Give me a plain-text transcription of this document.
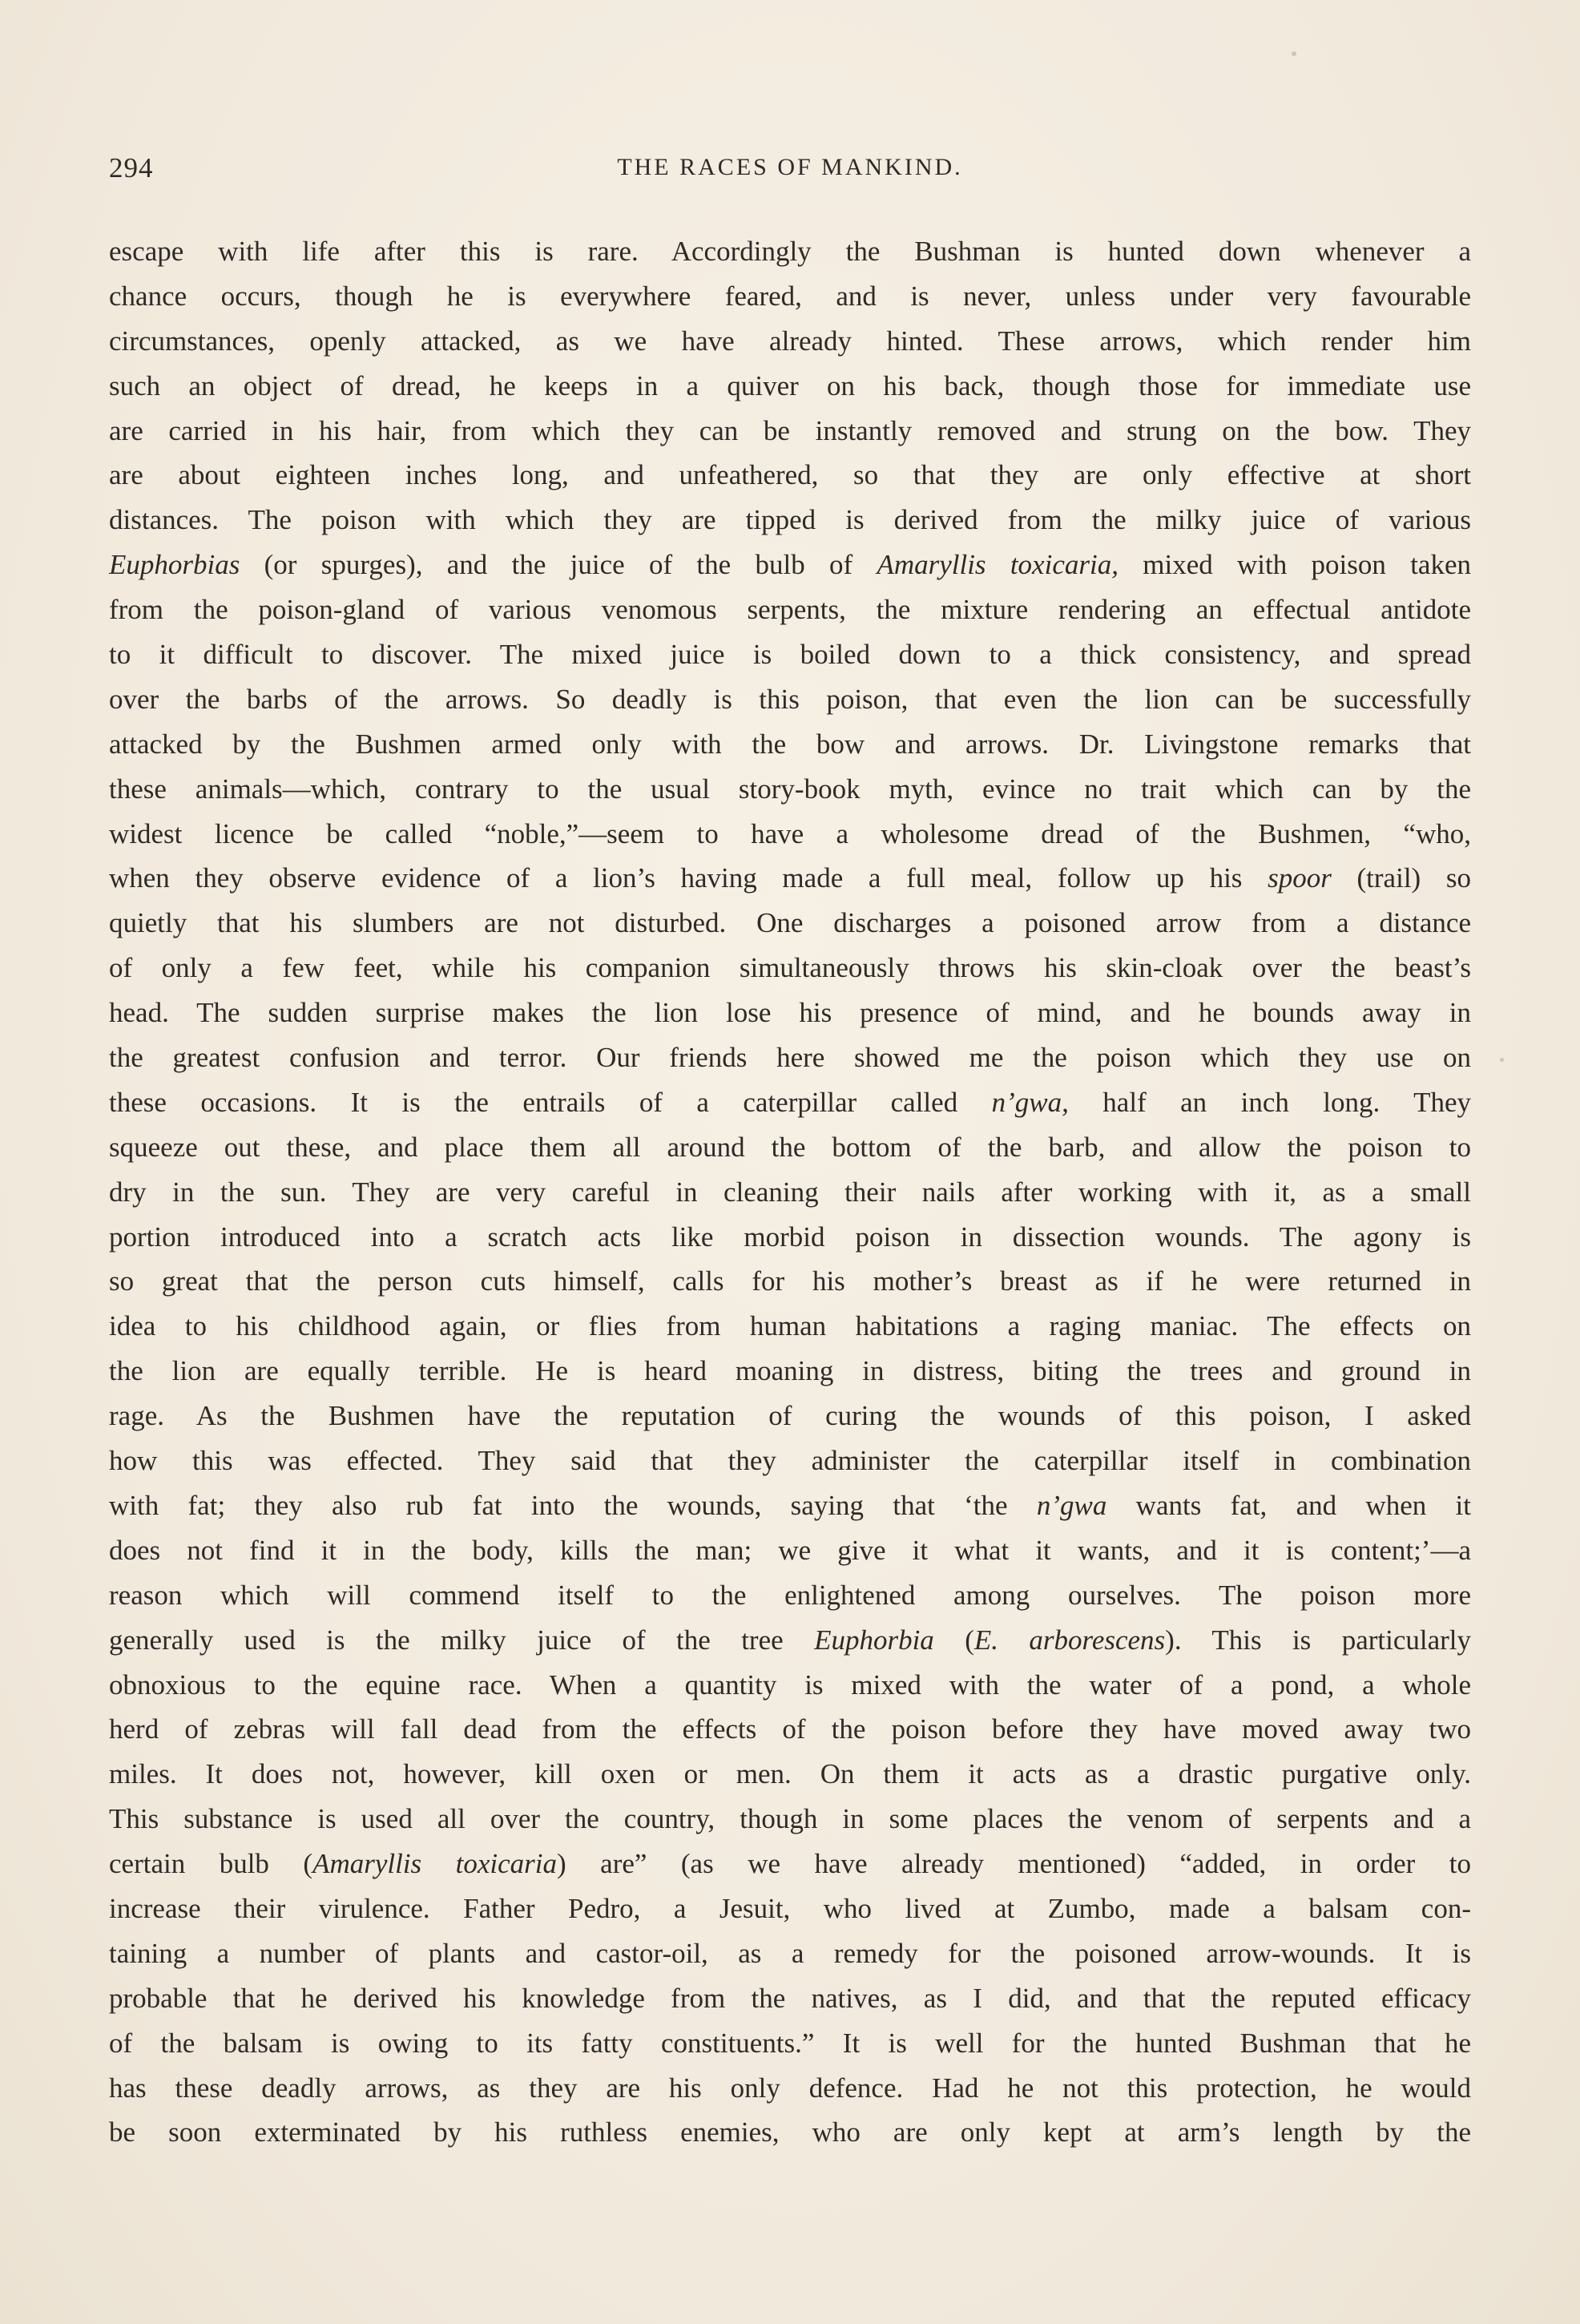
294	THE RACES OF MANKIND.
escape with life after this is rare. Accordingly the Bushman is hunted down whenever a
chance occurs, though he is everywhere feared, and is never, unless under very favourable
circumstances, openly attacked, as we have already hinted. These arrows, which render him
such an object of dread, he keeps in a quiver on his back, though those for immediate use
are carried in his hair, from which they can be instantly removed and strung on the bow. They
are about eighteen inches long, and unfeathered, so that they are only effective at short
distances. The poison with which they are tipped is derived from the milky juice of various
Euphorbias (or spurges), and the juice of the bulb of Amaryllis toxicaria, mixed with poison taken
from the poison-gland of various venomous serpents, the mixture rendering an effectual antidote
to it difficult to discover. The mixed juice is boiled down to a thick consistency, and spread
over the barbs of the arrows. So deadly is this poison, that even the lion can be successfully
attacked by the Bushmen armed only with the bow and arrows. Dr. Livingstone remarks that
these animals—which, contrary to the usual story-book myth, evince no trait which can by the
widest licence be called “noble,”—seem to have a wholesome dread of the Bushmen, “who,
when they observe evidence of a lion’s having made a full meal, follow up his spoor (trail) so
quietly that his slumbers are not disturbed. One discharges a poisoned arrow from a distance
of only a few feet, while his companion simultaneously throws his skin-cloak over the beast’s
head. The sudden surprise makes the lion lose his presence of mind, and he bounds away in
the greatest confusion and terror. Our friends here showed me the poison which they use on
these occasions. It is the entrails of a caterpillar called n’gwa, half an inch long. They
squeeze out these, and place them all around the bottom of the barb, and allow the poison to
dry in the sun. They are very careful in cleaning their nails after working with it, as a small
portion introduced into a scratch acts like morbid poison in dissection wounds. The agony is
so great that the person cuts himself, calls for his mother’s breast as if he were returned in
idea to his childhood again, or flies from human habitations a raging maniac. The effects on
the lion are equally terrible. He is heard moaning in distress, biting the trees and ground in
rage. As the Bushmen have the reputation of curing the wounds of this poison, I asked
how this was effected. They said that they administer the caterpillar itself in combination
with fat; they also rub fat into the wounds, saying that ‘the n’gwa wants fat, and when it
does not find it in the body, kills the man; we give it what it wants, and it is content;’—a
reason which will commend itself to the enlightened among ourselves. The poison more
generally used is the milky juice of the tree Euphorbia (E. arborescens). This is particularly
obnoxious to the equine race. When a quantity is mixed with the water of a pond, a whole
herd of zebras will fall dead from the effects of the poison before they have moved away two
miles. It does not, however, kill oxen or men. On them it acts as a drastic purgative only.
This substance is used all over the country, though in some places the venom of serpents and a
certain bulb (Amaryllis toxicaria) are” (as we have already mentioned) “added, in order to
increase their virulence. Father Pedro, a Jesuit, who lived at Zumbo, made a balsam con-
taining a number of plants and castor-oil, as a remedy for the poisoned arrow-wounds. It is
probable that he derived his knowledge from the natives, as I did, and that the reputed efficacy
of the balsam is owing to its fatty constituents.” It is well for the hunted Bushman that he
has these deadly arrows, as they are his only defence. Had he not this protection, he would
be soon exterminated by his ruthless enemies, who are only kept at arm’s length by the
